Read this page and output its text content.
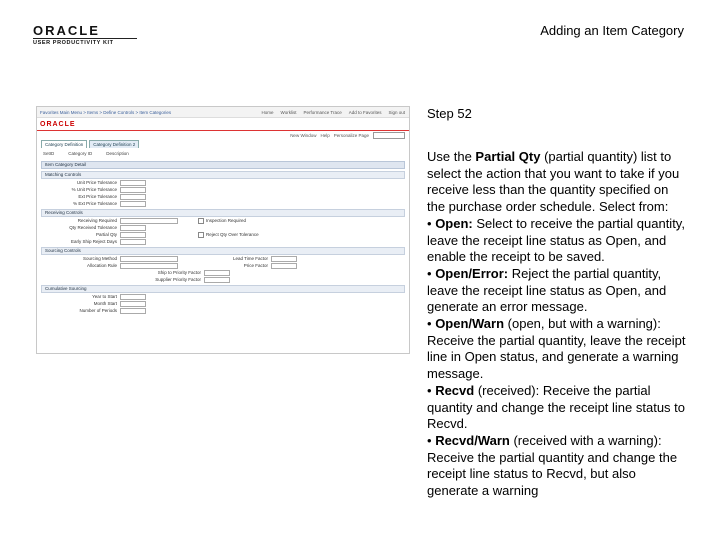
ORACLE
USER PRODUCTIVITY KIT
Adding an Item Category
Favorites Main Menu > Items > Define Controls > Item Categories	Home Worklist Performance Trace Add to Favorites Sign out
ORACLE
New Window Help Personalize Page
Category Definition	Category Definition 2
SetID	Category ID	Description
Item Category Detail
Matching Controls
Unit Price Tolerance
% Unit Price Tolerance
Ext Price Tolerance
% Ext Price Tolerance
Receiving Controls
Receiving Required	Inspection Required
Qty Received Tolerance
Partial Qty	Reject Qty Over Tolerance
Early Ship Reject Days
Sourcing Controls
Sourcing Method	Lead Time Factor
Allocation Rule	Price Factor
Ship to Priority Factor
Supplier Priority Factor
Cumulative Sourcing
Year to Start
Month Start
Number of Periods
Step 52

Use the Partial Qty (partial quantity) list to select the action that you want to take if you receive less than the quantity specified on the purchase order schedule. Select from:

• Open: Select to receive the partial quantity, leave the receipt line status as Open, and enable the receipt to be saved.

• Open/Error: Reject the partial quantity, leave the receipt line status as Open, and generate an error message.

• Open/Warn (open, but with a warning): Receive the partial quantity, leave the receipt line in Open status, and generate a warning message.

• Recvd (received): Receive the partial quantity and change the receipt line status to Recvd.

• Recvd/Warn (received with a warning): Receive the partial quantity and change the receipt line status to Recvd, but also generate a warning
